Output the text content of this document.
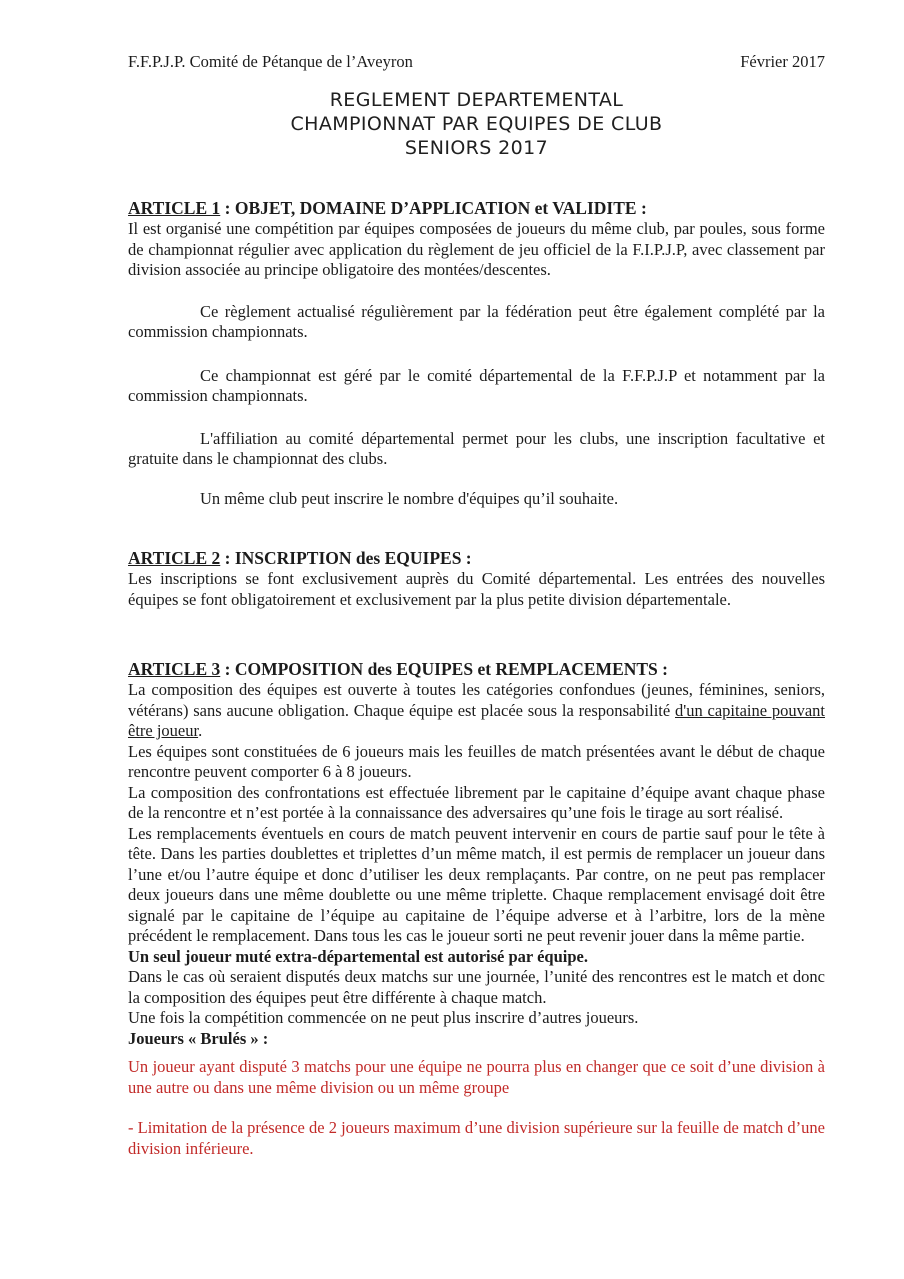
F.F.P.J.P. Comité de Pétanque de l’Aveyron	Février 2017
REGLEMENT DEPARTEMENTAL
CHAMPIONNAT PAR EQUIPES DE CLUB
SENIORS 2017
ARTICLE 1 : OBJET, DOMAINE D’APPLICATION et VALIDITE :

Il est organisé une compétition par équipes composées de joueurs du même club, par poules, sous forme de championnat régulier avec application du règlement de jeu officiel de la F.I.P.J.P, avec classement par division associée au principe obligatoire des montées/descentes.

Ce règlement actualisé régulièrement par la fédération peut être également complété par la commission championnats.

Ce championnat est géré par le comité départemental de la F.F.P.J.P et notamment par la commission championnats.

L'affiliation au comité départemental permet pour les clubs, une inscription facultative et gratuite dans le championnat des clubs.

Un même club peut inscrire le nombre d'équipes qu’il souhaite.

ARTICLE 2 : INSCRIPTION des EQUIPES :

Les inscriptions se font exclusivement auprès du Comité départemental. Les entrées des nouvelles équipes se font obligatoirement et exclusivement par la plus petite division départementale.

ARTICLE 3 : COMPOSITION des EQUIPES et REMPLACEMENTS :

La composition des équipes est ouverte à toutes les catégories confondues (jeunes, féminines, seniors, vétérans) sans aucune obligation. Chaque équipe est placée sous la responsabilité d'un capitaine pouvant être joueur.

Les équipes sont constituées de 6 joueurs mais les feuilles de match présentées avant le début de chaque rencontre peuvent comporter 6 à 8 joueurs.

La composition des confrontations est effectuée librement par le capitaine d’équipe avant chaque phase de la rencontre et n’est portée à la connaissance des adversaires qu’une fois le tirage au sort réalisé.

Les remplacements éventuels en cours de match peuvent intervenir en cours de partie sauf pour le tête à tête. Dans les parties doublettes et triplettes d’un même match, il est permis de remplacer un joueur dans l’une et/ou l’autre équipe et donc d’utiliser les deux remplaçants. Par contre, on ne peut pas remplacer deux joueurs dans une même doublette ou une même triplette. Chaque remplacement envisagé doit être signalé par le capitaine de l’équipe au capitaine de l’équipe adverse et à l’arbitre, lors de la mène précédent le remplacement. Dans tous les cas le joueur sorti ne peut revenir jouer dans la même partie.

Un seul joueur muté extra-départemental est autorisé par équipe.

Dans le cas où seraient disputés deux matchs sur une journée, l’unité des rencontres est le match et donc la composition des équipes peut être différente à chaque match.

Une fois la compétition commencée on ne peut plus inscrire d’autres joueurs.

Joueurs « Brulés » :

Un joueur ayant disputé 3 matchs pour une équipe ne pourra plus en changer que ce soit d’une division à une autre ou dans une même division ou un même groupe

- Limitation de la présence de 2 joueurs maximum d’une division supérieure sur la feuille de match d’une division inférieure.
